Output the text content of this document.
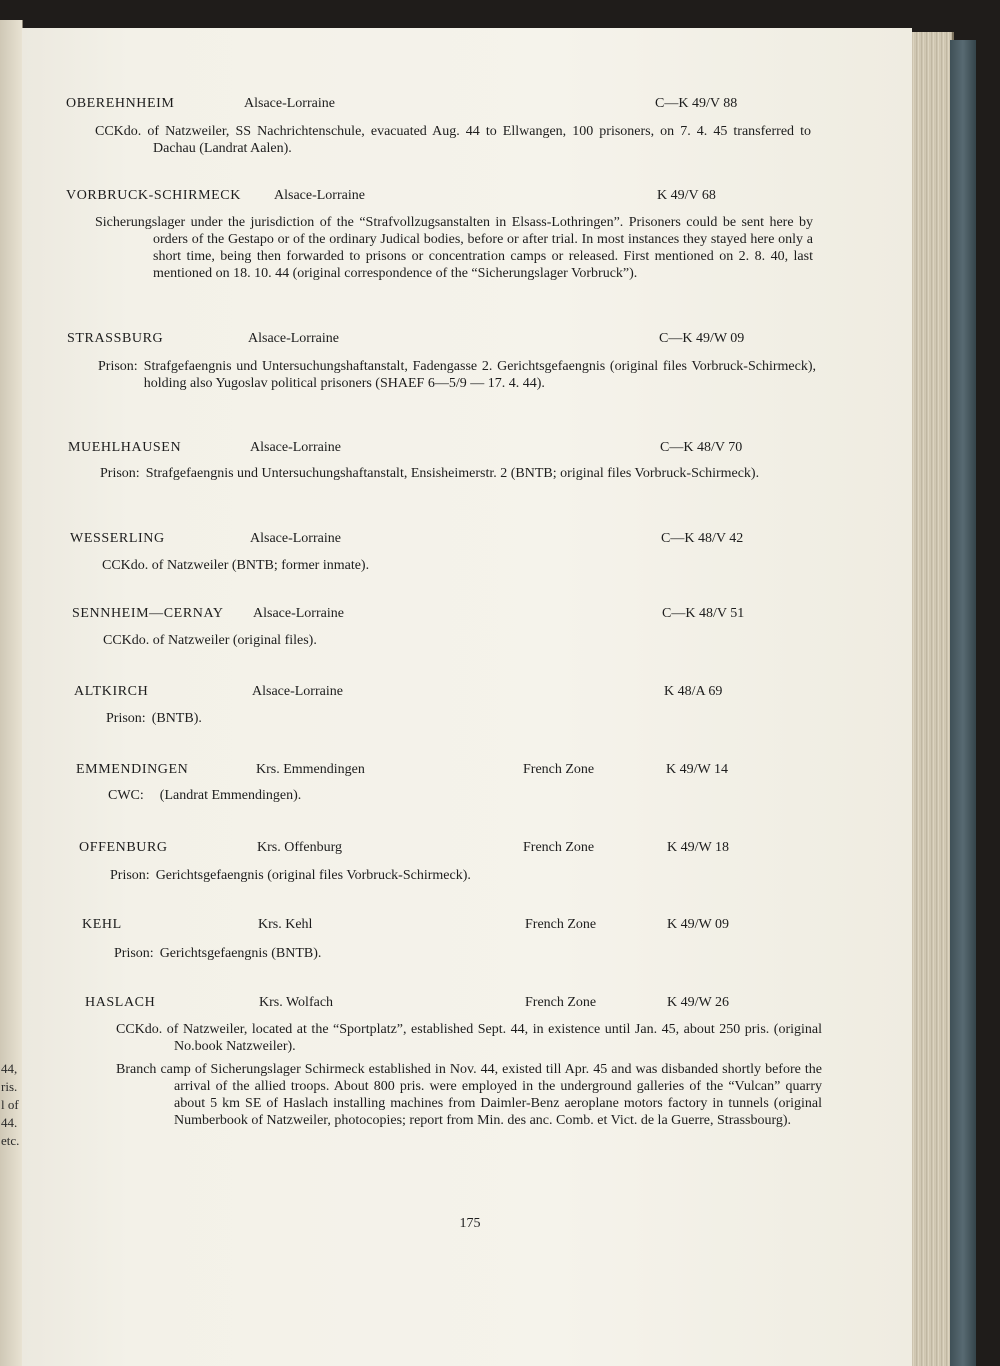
44,
ris.
l of
44.
etc.
OBEREHNHEIM	Alsace-Lorraine	C—K 49/V 88
CCKdo. of Natzweiler, SS Nachrichtenschule, evacuated Aug. 44 to Ellwangen, 100 prisoners, on 7. 4. 45 transferred to Dachau (Landrat Aalen).
VORBRUCK-SCHIRMECK Alsace-Lorraine	K 49/V 68
Sicherungslager under the jurisdiction of the “Strafvollzugsanstalten in Elsass-Lothringen”. Prisoners could be sent here by orders of the Gestapo or of the ordinary Judical bodies, before or after trial. In most instances they stayed here only a short time, being then forwarded to prisons or concentration camps or released. First mentioned on 2. 8. 40, last mentioned on 18. 10. 44 (original correspondence of the “Sicherungslager Vorbruck”).
STRASSBURG	Alsace-Lorraine	C—K 49/W 09
Prison: Strafgefaengnis und Untersuchungshaftanstalt, Fadengasse 2. Gerichtsgefaengnis (original files Vorbruck-Schirmeck), holding also Yugoslav political prisoners (SHAEF 6—5/9 — 17. 4. 44).
MUEHLHAUSEN	Alsace-Lorraine	C—K 48/V 70
Prison: Strafgefaengnis und Untersuchungshaftanstalt, Ensisheimerstr. 2 (BNTB; original files Vorbruck-Schirmeck).
WESSERLING	Alsace-Lorraine	C—K 48/V 42
CCKdo. of Natzweiler (BNTB; former inmate).
SENNHEIM—CERNAY Alsace-Lorraine	C—K 48/V 51
CCKdo. of Natzweiler (original files).
ALTKIRCH	Alsace-Lorraine	K 48/A 69
Prison: (BNTB).
EMMENDINGEN	Krs. Emmendingen	French Zone	K 49/W 14
CWC:	(Landrat Emmendingen).
OFFENBURG	Krs. Offenburg	French Zone	K 49/W 18
Prison: Gerichtsgefaengnis (original files Vorbruck-Schirmeck).
KEHL	Krs. Kehl	French Zone	K 49/W 09
Prison: Gerichtsgefaengnis (BNTB).
HASLACH	Krs. Wolfach	French Zone	K 49/W 26
CCKdo. of Natzweiler, located at the “Sportplatz”, established Sept. 44, in existence until Jan. 45, about 250 pris. (original No.book Natzweiler).
Branch camp of Sicherungslager Schirmeck established in Nov. 44, existed till Apr. 45 and was disbanded shortly before the arrival of the allied troops. About 800 pris. were employed in the underground galleries of the “Vulcan” quarry about 5 km SE of Haslach installing machines from Daimler-Benz aeroplane motors factory in tunnels (original Numberbook of Natzweiler, photocopies; report from Min. des anc. Comb. et Vict. de la Guerre, Strassbourg).
175
